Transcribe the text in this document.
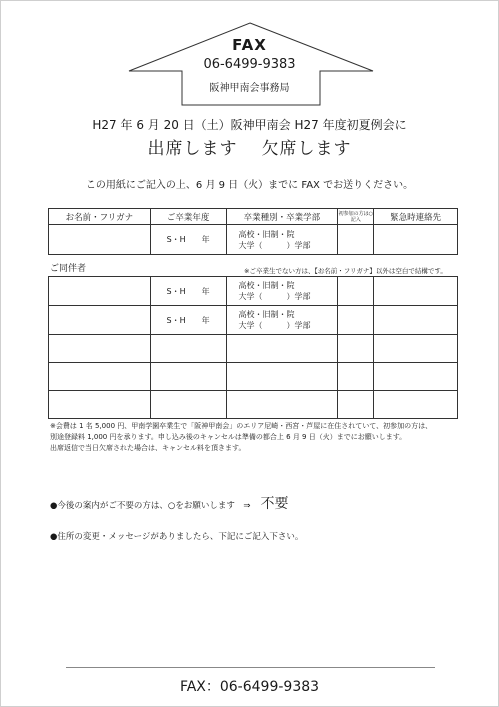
FAX
06-6499-9383
阪神甲南会事務局
H27 年 6 月 20 日（土）阪神甲南会 H27 年度初夏例会に
出席します 欠席します
この用紙にご記入の上、6 月 9 日（火）までに FAX でお送りください。
お名前・フリガナ	ご卒業年度	卒業種別・卒業学部	初参加の方は○記入	緊急時連絡先
	S・H 年	高校・旧制・院
大学（　　　）学部		

ご同伴者	※ご卒業生でない方は、【お名前・フリガナ】以外は空白で結構です。
	S・H 年	高校・旧制・院
大学（　　　）学部		

	S・H 年	高校・旧制・院
大学（　　　）学部		

※会費は 1 名 5,000 円、甲南学園卒業生で「阪神甲南会」のエリア尼崎・西宮・芦屋に在住されていて、初参加の方は、
別途登録料 1,000 円を承ります。申し込み後のキャンセルは準備の都合上 6 月 9 日（火）までにお願いします。
出席返信で当日欠席された場合は、キャンセル料を頂きます。
●今後の案内がご不要の方は、○をお願いします　⇒ 不要
●住所の変更・メッセージがありましたら、下記にご記入下さい。
FAX：06-6499-9383
